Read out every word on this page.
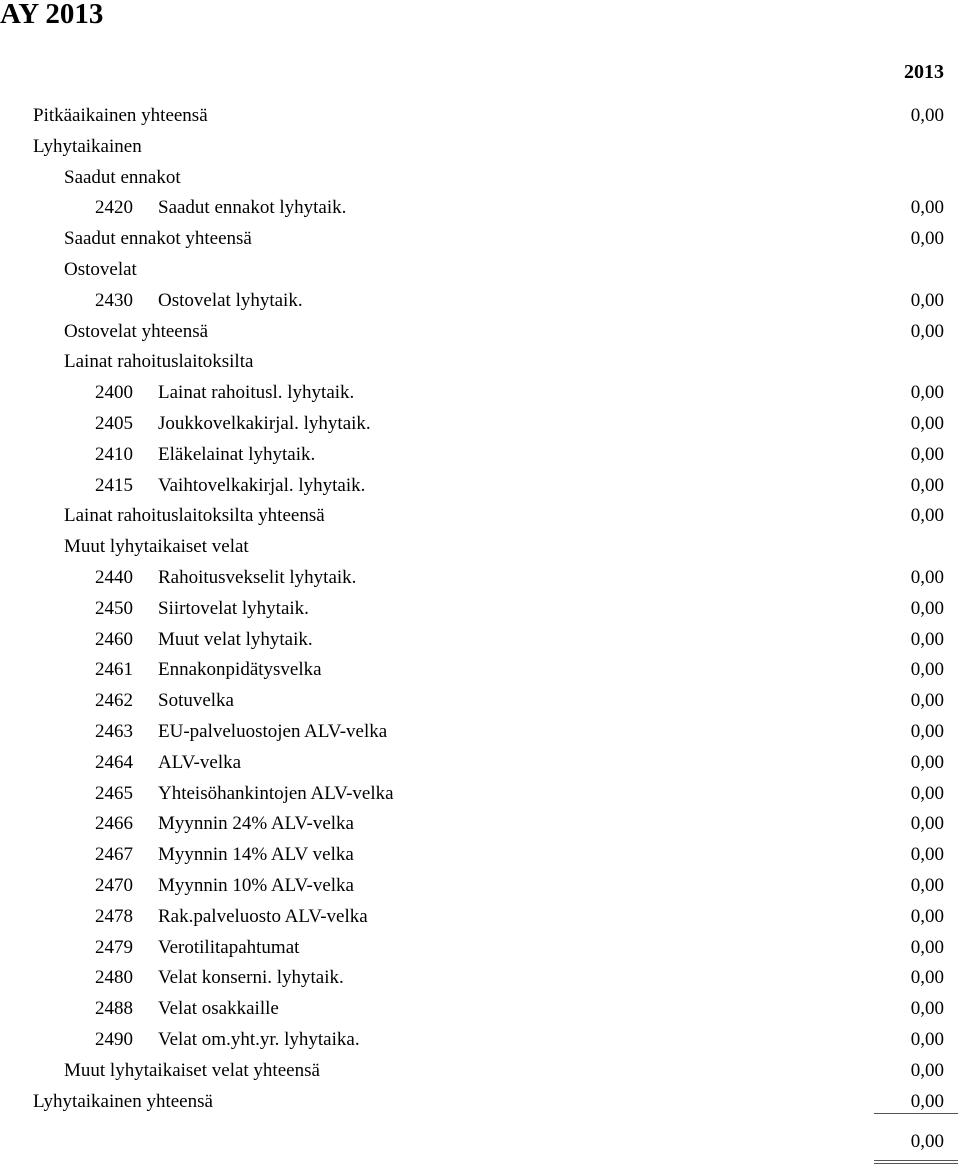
AY 2013
2013
Pitkäaikainen yhteensä	0,00
Lyhytaikainen
Saadut ennakot
2420 Saadut ennakot lyhytaik.	0,00
Saadut ennakot yhteensä	0,00
Ostovelat
2430 Ostovelat lyhytaik.	0,00
Ostovelat yhteensä	0,00
Lainat rahoituslaitoksilta
2400 Lainat rahoitusl. lyhytaik.	0,00
2405 Joukkovelkakirjal. lyhytaik.	0,00
2410 Eläkelainat lyhytaik.	0,00
2415 Vaihtovelkakirjal. lyhytaik.	0,00
Lainat rahoituslaitoksilta yhteensä	0,00
Muut lyhytaikaiset velat
2440 Rahoitusvekselit lyhytaik.	0,00
2450 Siirtovelat lyhytaik.	0,00
2460 Muut velat lyhytaik.	0,00
2461 Ennakonpidätysvelka	0,00
2462 Sotuvelka	0,00
2463 EU-palveluostojen ALV-velka	0,00
2464 ALV-velka	0,00
2465 Yhteisöhankintojen ALV-velka	0,00
2466 Myynnin 24% ALV-velka	0,00
2467 Myynnin 14% ALV velka	0,00
2470 Myynnin 10% ALV-velka	0,00
2478 Rak.palveluosto ALV-velka	0,00
2479 Verotilitapahtumat	0,00
2480 Velat konserni. lyhytaik.	0,00
2488 Velat osakkaille	0,00
2490 Velat om.yht.yr. lyhytaika.	0,00
Muut lyhytaikaiset velat yhteensä	0,00
Lyhytaikainen yhteensä	0,00
0,00
